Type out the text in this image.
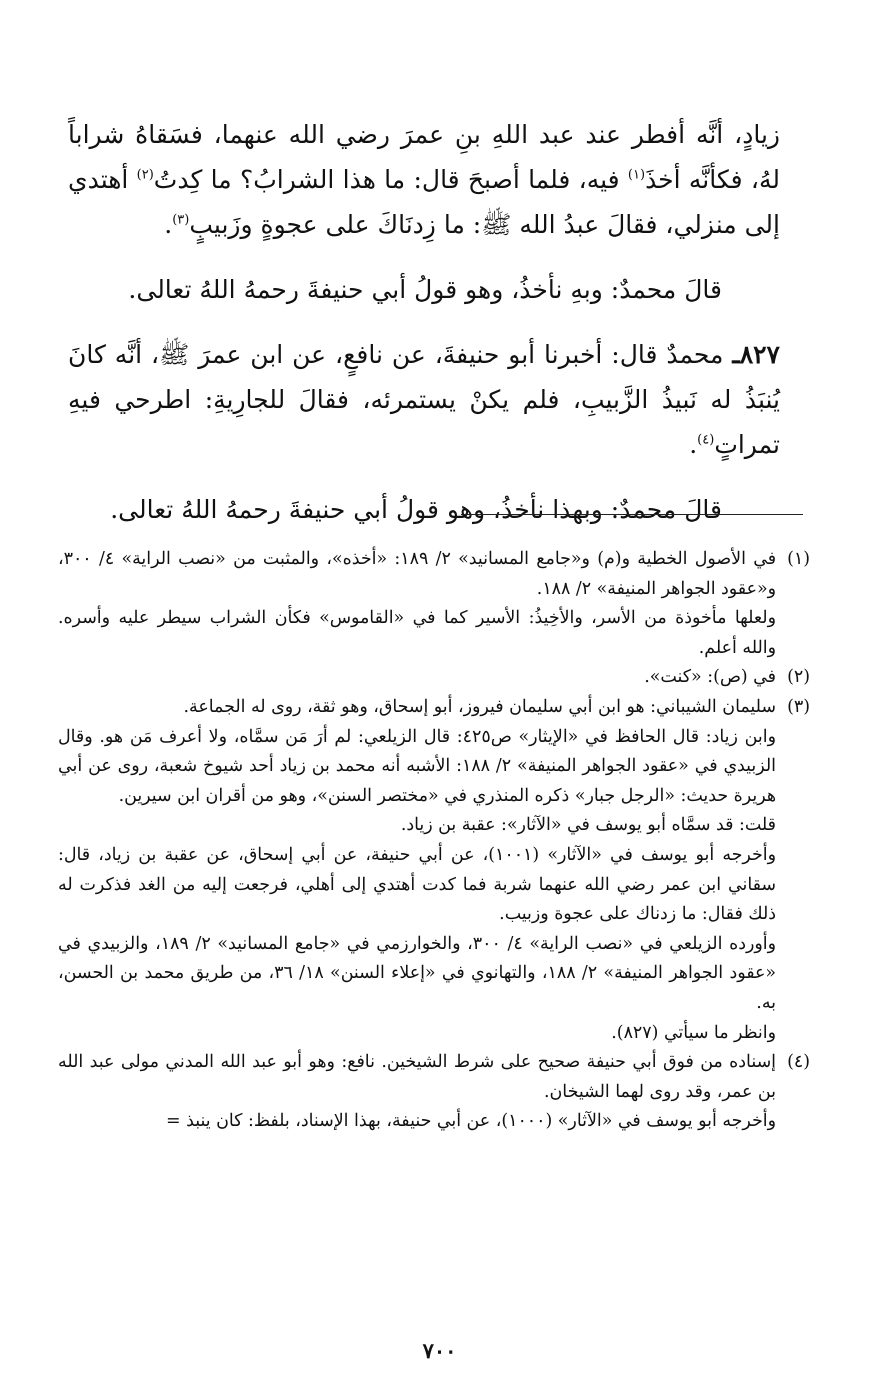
زيادٍ، أنَّه أفطر عند عبد اللهِ بنِ عمرَ رضي الله عنهما، فسَقاهُ شراباً لهُ، فكأنَّه أخذَ$^{(١)}$ فيه، فلما أصبحَ قال: ما هذا الشرابُ؟ ما كِدتُ$^{(٢)}$ أهتدي إلى منزلي، فقالَ عبدُ الله ﷺ: ما زِدنَاكَ على عجوةٍ وزَبيبٍ$^{(٣)}$.

قالَ محمدٌ: وبهِ نأخذُ، وهو قولُ أبي حنيفةَ رحمهُ اللهُ تعالى.

٨٢٧ـ محمدٌ قال: أخبرنا أبو حنيفةَ، عن نافعٍ، عن ابن عمرَ ﷺ، أنَّه كانَ يُنبَذُ له نَبيذُ الزَّبيبِ، فلم يكنْ يستمرئه، فقالَ للجارِيةِ: اطرحي فيهِ تمراتٍ$^{(٤)}$.

قالَ محمدٌ: وبهذا نأخذُ، وهو قولُ أبي حنيفةَ رحمهُ اللهُ تعالى.

(١)

في الأصول الخطية و(م) و«جامع المسانيد» ٢/ ١٨٩: «أخذه»، والمثبت من «نصب الراية» ٤/ ٣٠٠، و«عقود الجواهر المنيفة» ٢/ ١٨٨.

ولعلها مأخوذة من الأسر، والأخِيذُ: الأسير كما في «القاموس» فكأن الشراب سيطر عليه وأسره. والله أعلم.

(٢)

في (ص): «كنت».

(٣)

سليمان الشيباني: هو ابن أبي سليمان فيروز، أبو إسحاق، وهو ثقة، روى له الجماعة.

وابن زياد: قال الحافظ في «الإيثار» ص٤٢٥: قال الزيلعي: لم أرَ مَن سمَّاه، ولا أعرف مَن هو. وقال الزبيدي في «عقود الجواهر المنيفة» ٢/ ١٨٨: الأشبه أنه محمد بن زياد أحد شيوخ شعبة، روى عن أبي هريرة حديث: «الرجل جبار» ذكره المنذري في «مختصر السنن»، وهو من أقران ابن سيرين.

قلت: قد سمَّاه أبو يوسف في «الآثار»: عقبة بن زياد.

وأخرجه أبو يوسف في «الآثار» (١٠٠١)، عن أبي حنيفة، عن أبي إسحاق، عن عقبة بن زياد، قال: سقاني ابن عمر رضي الله عنهما شربة فما كدت أهتدي إلى أهلي، فرجعت إليه من الغد فذكرت له ذلك فقال: ما زدناك على عجوة وزبيب.

وأورده الزيلعي في «نصب الراية» ٤/ ٣٠٠، والخوارزمي في «جامع المسانيد» ٢/ ١٨٩، والزبيدي في «عقود الجواهر المنيفة» ٢/ ١٨٨، والتهانوي في «إعلاء السنن» ١٨/ ٣٦، من طريق محمد بن الحسن، به.

وانظر ما سيأتي (٨٢٧).

(٤)

إسناده من فوق أبي حنيفة صحيح على شرط الشيخين. نافع: وهو أبو عبد الله المدني مولى عبد الله بن عمر، وقد روى لهما الشيخان.

وأخرجه أبو يوسف في «الآثار» (١٠٠٠)، عن أبي حنيفة، بهذا الإسناد، بلفظ: كان ينبذ =

٧٠٠
